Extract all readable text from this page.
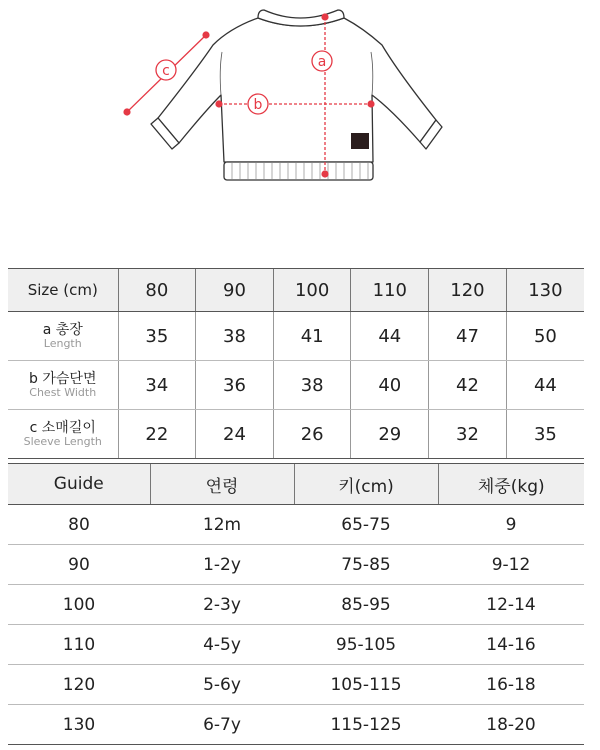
a
b
c
Size (cm)	80	90	100	110	120	130

a 총장
Length	35	38	41	44	47	50

b 가슴단면
Chest Width	34	36	38	40	42	44

c 소매길이
Sleeve Length	22	24	26	29	32	35
Guide	연령	키(cm)	체중(kg)
80	12m	65-75	9
90	1-2y	75-85	9-12
100	2-3y	85-95	12-14
110	4-5y	95-105	14-16
120	5-6y	105-115	16-18
130	6-7y	115-125	18-20
